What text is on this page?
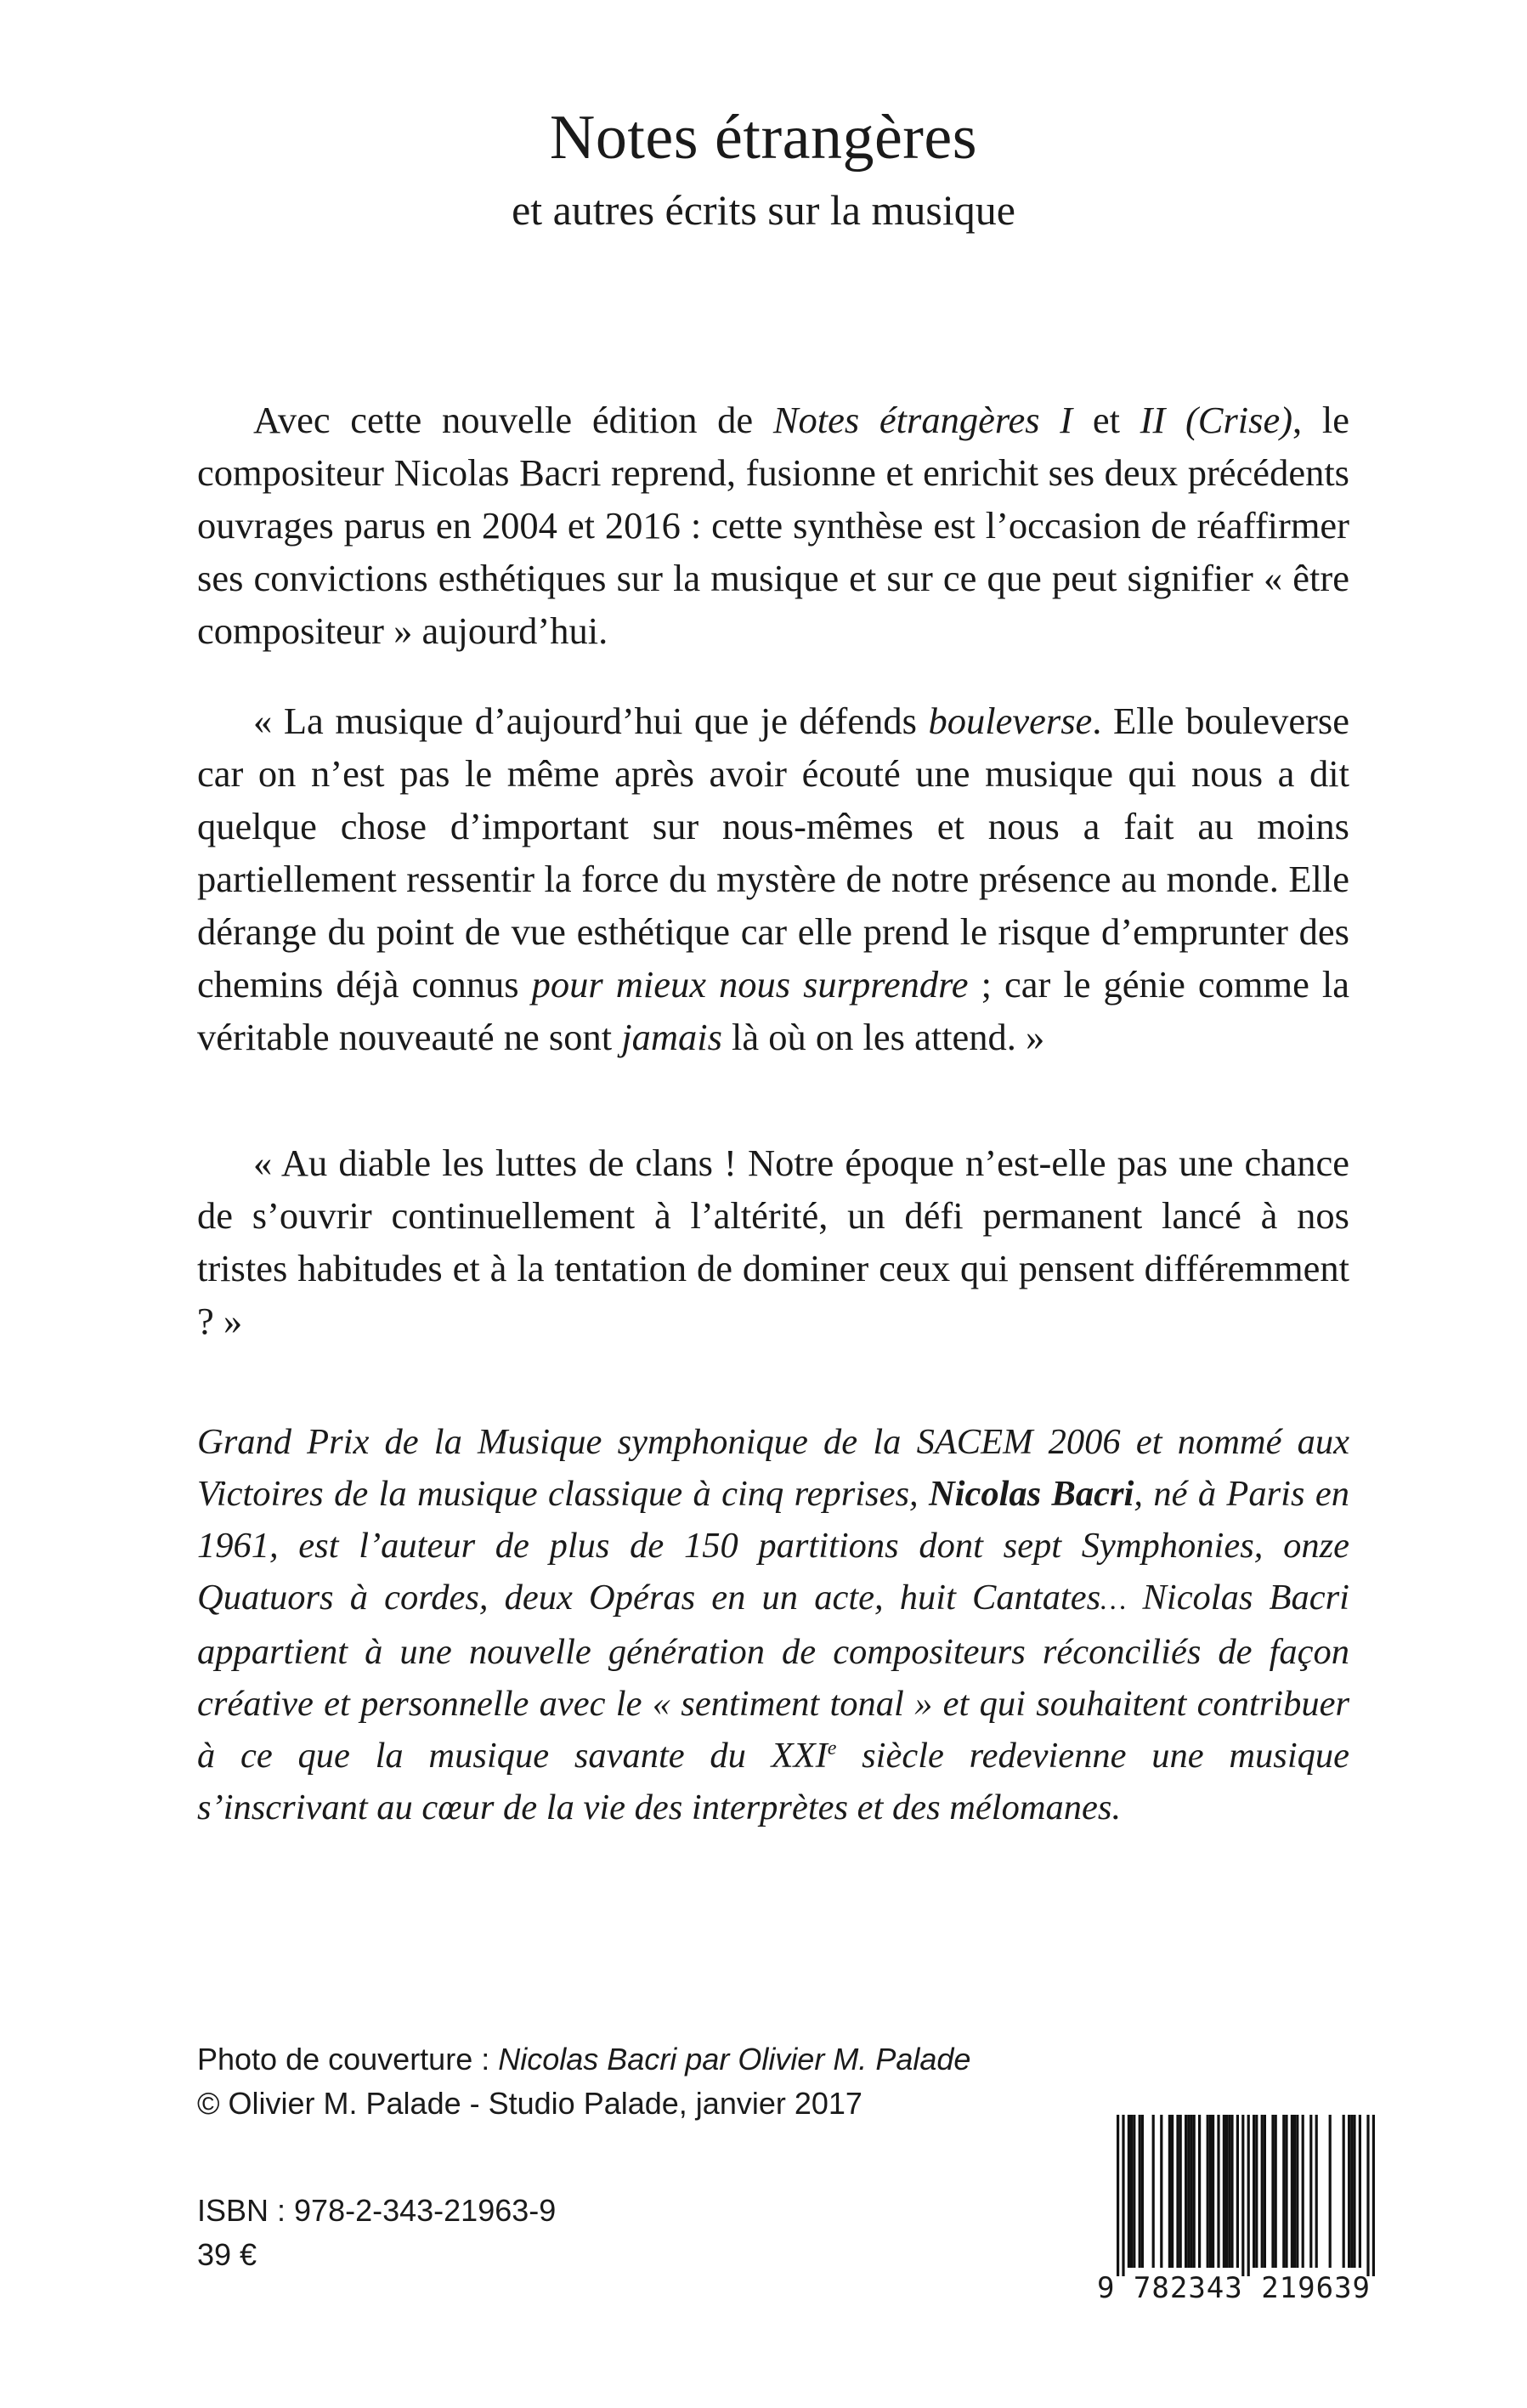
Notes étrangères
et autres écrits sur la musique

Avec cette nouvelle édition de Notes étrangères I et II (Crise), le compositeur Nicolas Bacri reprend, fusionne et enrichit ses deux précédents ouvrages parus en 2004 et 2016 : cette synthèse est l’occasion de réaffirmer ses convictions esthétiques sur la musique et sur ce que peut signifier « être compositeur » aujourd’hui.

« La musique d’aujourd’hui que je défends bouleverse. Elle bouleverse car on n’est pas le même après avoir écouté une musique qui nous a dit quelque chose d’important sur nous-mêmes et nous a fait au moins partiellement ressentir la force du mystère de notre présence au monde. Elle dérange du point de vue esthétique car elle prend le risque d’emprunter des chemins déjà connus pour mieux nous surprendre ; car le génie comme la véritable nouveauté ne sont jamais là où on les attend. »

« Au diable les luttes de clans ! Notre époque n’est-elle pas une chance de s’ouvrir continuellement à l’altérité, un défi permanent lancé à nos tristes habitudes et à la tentation de dominer ceux qui pensent différemment ? »

Grand Prix de la Musique symphonique de la SACEM 2006 et nommé aux Victoires de la musique classique à cinq reprises, Nicolas Bacri, né à Paris en 1961, est l’auteur de plus de 150 partitions dont sept Symphonies, onze Quatuors à cordes, deux Opéras en un acte, huit Cantates… Nicolas Bacri appartient à une nouvelle génération de compositeurs réconciliés de façon créative et personnelle avec le « sentiment tonal » et qui souhaitent contribuer à ce que la musique savante du XXIe siècle redevienne une musique s’inscrivant au cœur de la vie des interprètes et des mélomanes.

Photo de couverture : Nicolas Bacri par Olivier M. Palade
© Olivier M. Palade - Studio Palade, janvier 2017
ISBN : 978-2-343-21963-9
39 €
9 782343 219639
